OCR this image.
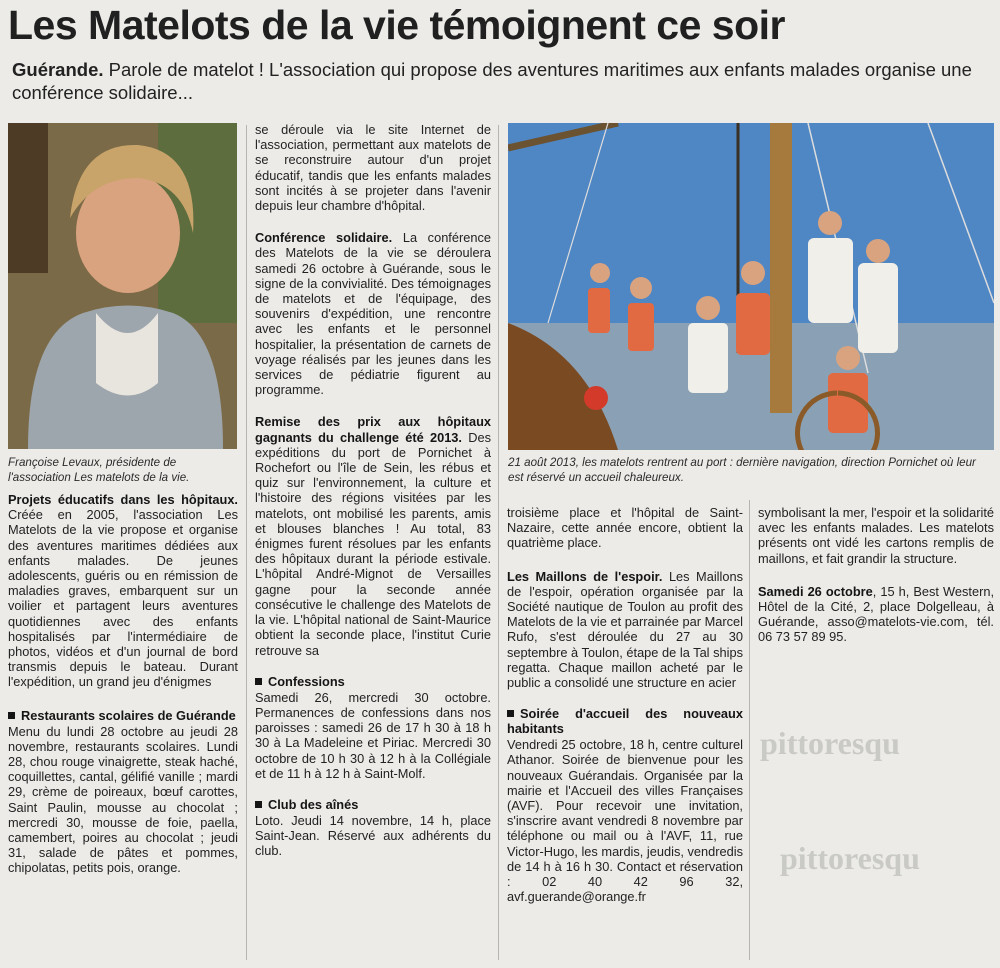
Les Matelots de la vie témoignent ce soir
Guérande. Parole de matelot ! L'association qui propose des aventures maritimes aux enfants malades organise une conférence solidaire...
Françoise Levaux, présidente de l'association Les matelots de la vie.
21 août 2013, les matelots rentrent au port : dernière navigation, direction Pornichet où leur est réservé un accueil chaleureux.

Projets éducatifs dans les hôpitaux. Créée en 2005, l'association Les Matelots de la vie propose et organise des aventures maritimes dédiées aux enfants malades. De jeunes adolescents, guéris ou en rémission de maladies graves, embarquent sur un voilier et partagent leurs aventures quotidiennes avec des enfants hospitalisés par l'intermédiaire de photos, vidéos et d'un journal de bord transmis depuis le bateau. Durant l'expédition, un grand jeu d'énigmes

Restaurants scolaires de Guérande

Menu du lundi 28 octobre au jeudi 28 novembre, restaurants scolaires. Lundi 28, chou rouge vinaigrette, steak haché, coquillettes, cantal, gélifié vanille ; mardi 29, crème de poireaux, bœuf carottes, Saint Paulin, mousse au chocolat ; mercredi 30, mousse de foie, paella, camembert, poires au chocolat ; jeudi 31, salade de pâtes et pommes, chipolatas, petits pois, orange.

se déroule via le site Internet de l'association, permettant aux matelots de se reconstruire autour d'un projet éducatif, tandis que les enfants malades sont incités à se projeter dans l'avenir depuis leur chambre d'hôpital.

Conférence solidaire. La conférence des Matelots de la vie se déroulera samedi 26 octobre à Guérande, sous le signe de la convivialité. Des témoignages de matelots et de l'équipage, des souvenirs d'expédition, une rencontre avec les enfants et le personnel hospitalier, la présentation de carnets de voyage réalisés par les jeunes dans les services de pédiatrie figurent au programme.

Remise des prix aux hôpitaux gagnants du challenge été 2013. Des expéditions du port de Pornichet à Rochefort ou l'île de Sein, les rébus et quiz sur l'environnement, la culture et l'histoire des régions visitées par les matelots, ont mobilisé les parents, amis et blouses blanches ! Au total, 83 énigmes furent résolues par les enfants des hôpitaux durant la période estivale. L'hôpital André-Mignot de Versailles gagne pour la seconde année consécutive le challenge des Matelots de la vie. L'hôpital national de Saint-Maurice obtient la seconde place, l'institut Curie retrouve sa

Confessions

Samedi 26, mercredi 30 octobre. Permanences de confessions dans nos paroisses : samedi 26 de 17 h 30 à 18 h 30 à La Madeleine et Piriac. Mercredi 30 octobre de 10 h 30 à 12 h à la Collégiale et de 11 h à 12 h à Saint-Molf.

Club des aînés

Loto. Jeudi 14 novembre, 14 h, place Saint-Jean. Réservé aux adhérents du club.

troisième place et l'hôpital de Saint-Nazaire, cette année encore, obtient la quatrième place.

Les Maillons de l'espoir. Les Maillons de l'espoir, opération organisée par la Société nautique de Toulon au profit des Matelots de la vie et parrainée par Marcel Rufo, s'est déroulée du 27 au 30 septembre à Toulon, étape de la Tal ships regatta. Chaque maillon acheté par le public a consolidé une structure en acier

Soirée d'accueil des nouveaux habitants

Vendredi 25 octobre, 18 h, centre culturel Athanor. Soirée de bienvenue pour les nouveaux Guérandais. Organisée par la mairie et l'Accueil des villes Françaises (AVF). Pour recevoir une invitation, s'inscrire avant vendredi 8 novembre par téléphone ou mail ou à l'AVF, 11, rue Victor-Hugo, les mardis, jeudis, vendredis de 14 h à 16 h 30. Contact et réservation : 02 40 42 96 32, avf.guerande@orange.fr

symbolisant la mer, l'espoir et la solidarité avec les enfants malades. Les matelots présents ont vidé les cartons remplis de maillons, et fait grandir la structure.

Samedi 26 octobre, 15 h, Best Western, Hôtel de la Cité, 2, place Dolgelleau, à Guérande, asso@matelots-vie.com, tél. 06 73 57 89 95.

pittoresqu
pittoresqu
